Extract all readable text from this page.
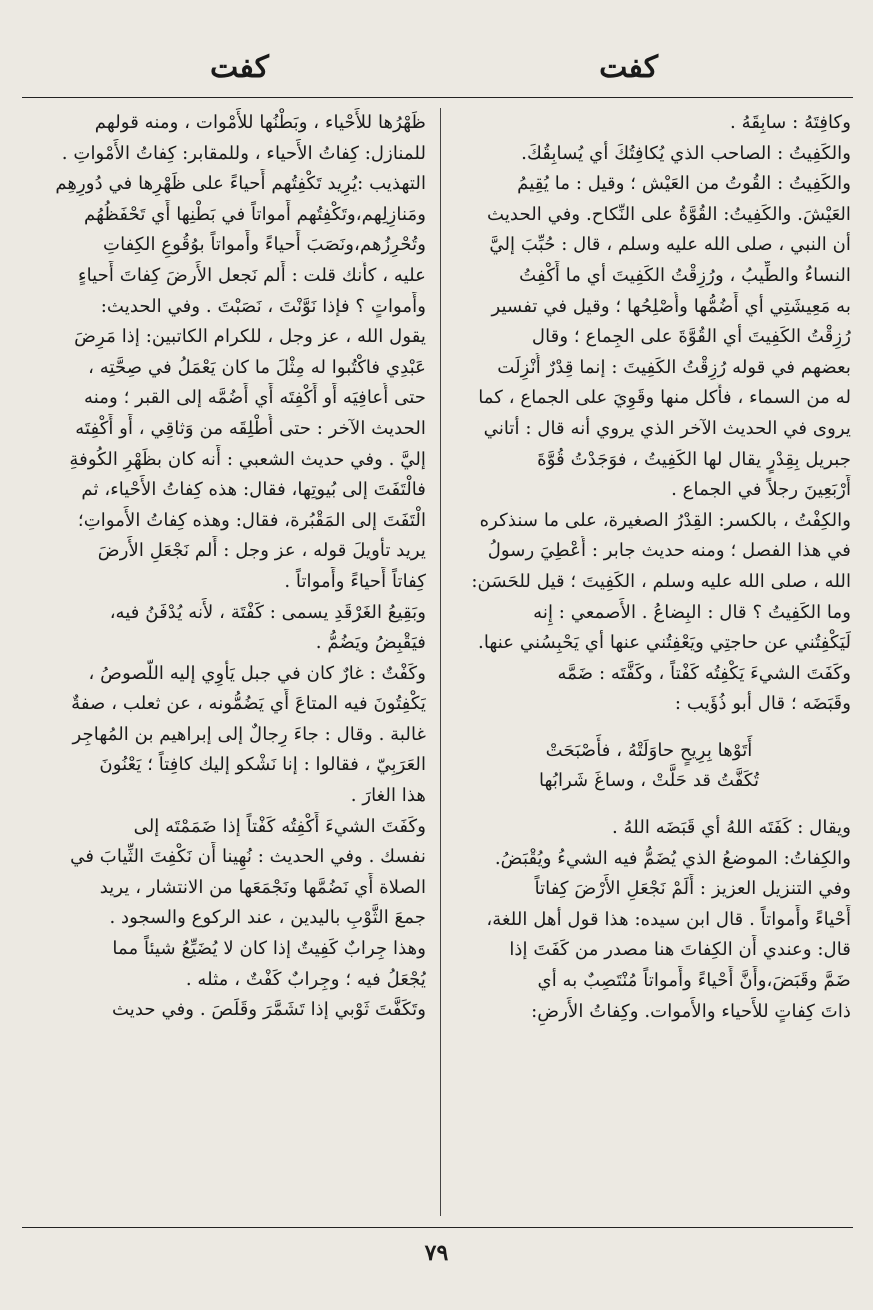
كفت
كفت
وكافِتَهُ : سابِقَهُ .
والكَفِيتُ : الصاحب الذي يُكافِتُكَ أي يُسابِقُكَ.
والكَفِيتُ : القُوتُ من العَيْش ؛ وقيل : ما يُقِيمُ
العَيْشَ. والكَفِيتُ: القُوَّةُ على النِّكاح. وفي الحديث
أن النبي ، صلى الله عليه وسلم ، قال : حُبِّبَ إليَّ
النساءُ والطِّيبُ ، ورُزِقْتُ الكَفِيتَ أي ما أَكْفِتُ
به مَعِيشَتِي أي أَضُمُّها وأُصْلِحُها ؛ وقيل في تفسير
رُزِقْتُ الكَفِيتَ أي القُوَّةَ على الجِماع ؛ وقال
بعضهم في قوله رُزِقْتُ الكَفِيتَ : إنما قِدْرٌ أُنْزِلَت
له من السماء ، فأَكل منها وقَوِيَ على الجماع ، كما
يروى في الحديث الآخر الذي يروي أنه قال : أتاني
جبريل بِقِدْرٍ يقال لها الكَفِيتُ ، فوَجَدْتُ قُوَّةَ
أَرْبَعِينَ رجلاً في الجماع .
والكِفْتُ ، بالكسر: القِدْرُ الصغيرة، على ما سنذكره
في هذا الفصل ؛ ومنه حديث جابر : أُعْطِيَ رسولُ
الله ، صلى الله عليه وسلم ، الكَفِيتَ ؛ قيل للحَسَن:
وما الكَفِيتُ ؟ قال : البِضاعُ . الأَصمعي : إِنه
لَيَكْفِتُني عن حاجتِي ويَعْفِتُني عنها أي يَحْبِسُني عنها.
وكَفَتَ الشيءَ يَكْفِتُه كَفْتاً ، وكَفَّتَه : ضَمَّه
وقَبَضَه ؛ قال أبو ذُؤَيب :
أَتَوْها بِرِيحٍ حاوَلَتْهُ ، فأَصْبَحَتْ
تُكَفَّتُ قد حَلَّتْ ، وساغَ شَرابُها
ويقال : كَفَتَه اللهُ أي قَبَضَه اللهُ .
والكِفاتُ: الموضعُ الذي يُضَمُّ فيه الشيءُ ويُقْبَضُ.
وفي التنزيل العزيز : أَلَمْ نَجْعَلِ الأَرْضَ كِفاتاً
أَحْياءً وأَمواتاً . قال ابن سيده: هذا قول أهل اللغة،
قال: وعندي أَن الكِفاتَ هنا مصدر من كَفَتَ إذا
ضَمَّ وقَبَضَ،وأَنَّ أَحْياءً وأَمواتاً مُنْتَصِبٌ به أي
ذاتَ كِفاتٍ للأَحياء والأَموات. وكِفاتُ الأَرضِ:
ظَهْرُها للأَحْياء ، وبَطْنُها للأَمْوات ، ومنه قولهم
للمنازل: كِفاتُ الأَحياء ، وللمقابر: كِفاتُ الأَمْواتِ .
التهذيب :يُرِيد تَكْفِتُهم أَحياءً على ظَهْرِها في دُورِهِم
ومَنازِلِهم،وتَكْفِتُهم أَمواتاً في بَطْنِها أَي تَحْفَظُهُم
وتُحْرِزُهم،ونَصَبَ أَحياءً وأَمواتاً بوُقُوعِ الكِفاتِ
عليه ، كأَنك قلت : أَلم نَجعل الأَرضَ كِفاتَ أَحياءٍ
وأَمواتٍ ؟ فإذا نَوَّنْتَ ، نَصَبْتَ . وفي الحديث:
يقول الله ، عز وجل ، للكرام الكاتبين: إذا مَرِضَ
عَبْدِي فاكْتُبوا له مِثْلَ ما كان يَعْمَلُ في صِحَّتِه ،
حتى أُعافِيَه أَو أَكْفِتَه أَي أَضُمَّه إلى القبر ؛ ومنه
الحديث الآخر : حتى أُطْلِقَه من وَثاقِي ، أَو أَكْفِتَه
إليَّ . وفي حديث الشعبي : أَنه كان بظَهْرِ الكُوفةِ
فالْتَفَتَ إلى بُيوتِها، فقال: هذه كِفاتُ الأَحْياء، ثم
الْتَفَتَ إلى المَقْبُرة، فقال: وهذه كِفاتُ الأَمواتِ؛
يريد تأْويلَ قوله ، عز وجل : أَلم نَجْعَلِ الأَرضَ
كِفاتاً أَحياءً وأَمواتاً .
وبَقِيعُ الغَرْقَدِ يسمى : كَفْتَة ، لأَنه يُدْفَنُ فيه،
فيَقْبِضُ ويَضُمُّ .
وكَفْتٌ : غارٌ كان في جبل يَأْوِي إليه اللُّصوصُ ،
يَكْفِتُونَ فيه المتاعَ أَي يَضُمُّونه ، عن ثعلب ، صفةٌ
غالبة . وقال : جاءَ رِجالٌ إلى إبراهيم بن المُهاجِر
العَرَبِيّ ، فقالوا : إنا نَشْكو إليك كافِتاً ؛ يَعْنُونَ
هذا الغارَ .
وكَفَتَ الشيءَ أَكْفِتُه كَفْتاً إذا ضَمَمْتَه إلى
نفسك . وفي الحديث : نُهِينا أَن نَكْفِتَ الثِّيابَ في
الصلاة أَي نَضُمَّها ونَجْمَعَها من الانتشار ، يريد
جمعَ الثَّوْبِ باليدين ، عند الركوع والسجود .
وهذا جِرابٌ كَفِيتٌ إذا كان لا يُضَيِّعُ شيئاً مما
يُجْعَلُ فيه ؛ وجِرابٌ كَفْتٌ ، مثله .
وتَكَفَّتَ ثَوْبي إذا تَشَمَّرَ وقَلَصَ . وفي حديث
٧٩
